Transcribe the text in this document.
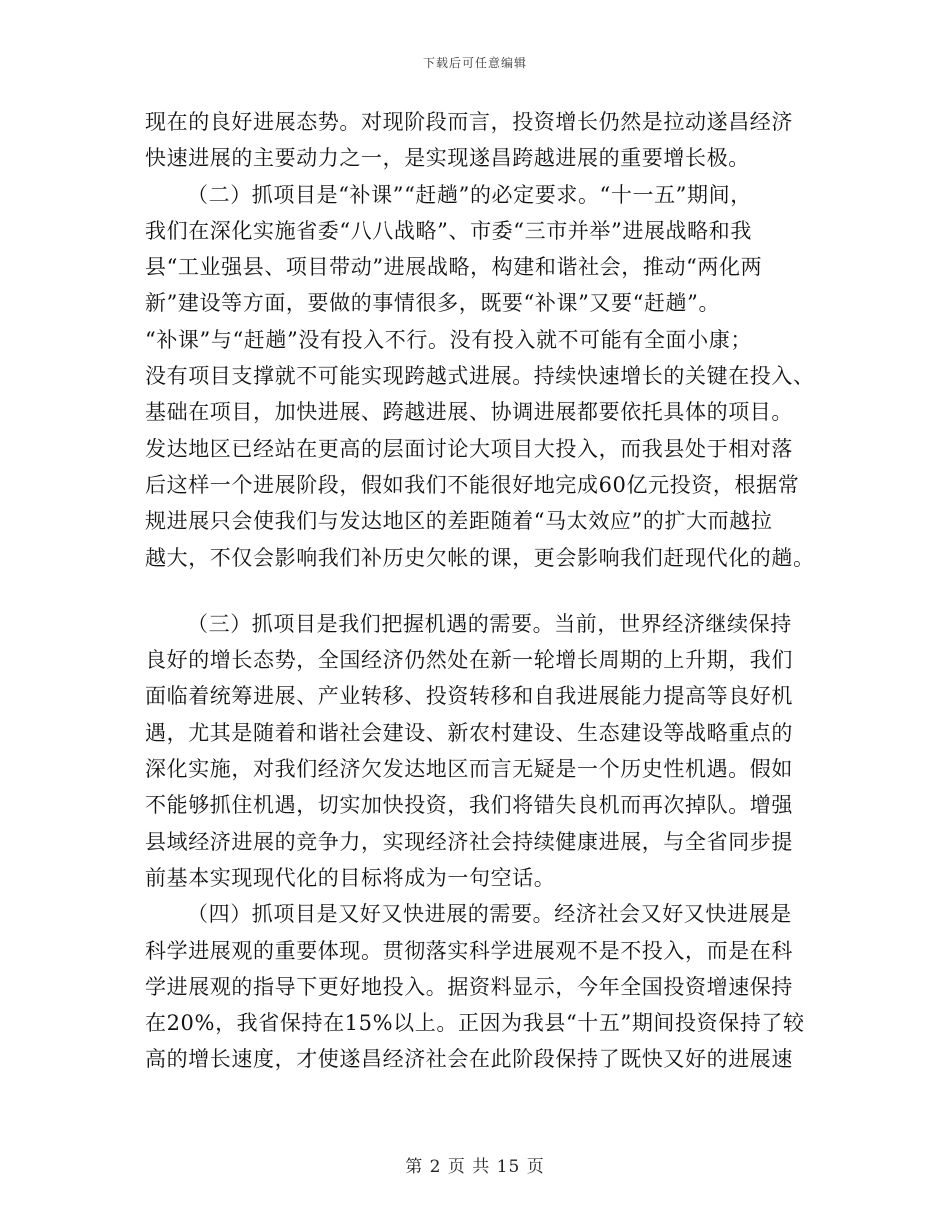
下载后可任意编辑
现在的良好进展态势。对现阶段而言，投资增长仍然是拉动遂昌经济
快速进展的主要动力之一，是实现遂昌跨越进展的重要增长极。
（二）抓项目是“补课”“赶趟”的必定要求。“十一五”期间，
我们在深化实施省委“八八战略”、市委“三市并举”进展战略和我
县“工业强县、项目带动”进展战略，构建和谐社会，推动“两化两
新”建设等方面，要做的事情很多，既要“补课”又要“赶趟”。
“补课”与“赶趟”没有投入不行。没有投入就不可能有全面小康；
没有项目支撑就不可能实现跨越式进展。持续快速增长的关键在投入、
基础在项目，加快进展、跨越进展、协调进展都要依托具体的项目。
发达地区已经站在更高的层面讨论大项目大投入，而我县处于相对落
后这样一个进展阶段，假如我们不能很好地完成60亿元投资，根据常
规进展只会使我们与发达地区的差距随着“马太效应”的扩大而越拉
越大，不仅会影响我们补历史欠帐的课，更会影响我们赶现代化的趟。
（三）抓项目是我们把握机遇的需要。当前，世界经济继续保持
良好的增长态势，全国经济仍然处在新一轮增长周期的上升期，我们
面临着统筹进展、产业转移、投资转移和自我进展能力提高等良好机
遇，尤其是随着和谐社会建设、新农村建设、生态建设等战略重点的
深化实施，对我们经济欠发达地区而言无疑是一个历史性机遇。假如
不能够抓住机遇，切实加快投资，我们将错失良机而再次掉队。增强
县域经济进展的竞争力，实现经济社会持续健康进展，与全省同步提
前基本实现现代化的目标将成为一句空话。
（四）抓项目是又好又快进展的需要。经济社会又好又快进展是
科学进展观的重要体现。贯彻落实科学进展观不是不投入，而是在科
学进展观的指导下更好地投入。据资料显示，今年全国投资增速保持
在20%，我省保持在15%以上。正因为我县“十五”期间投资保持了较
高的增长速度，才使遂昌经济社会在此阶段保持了既快又好的进展速
第 2 页 共 15 页
